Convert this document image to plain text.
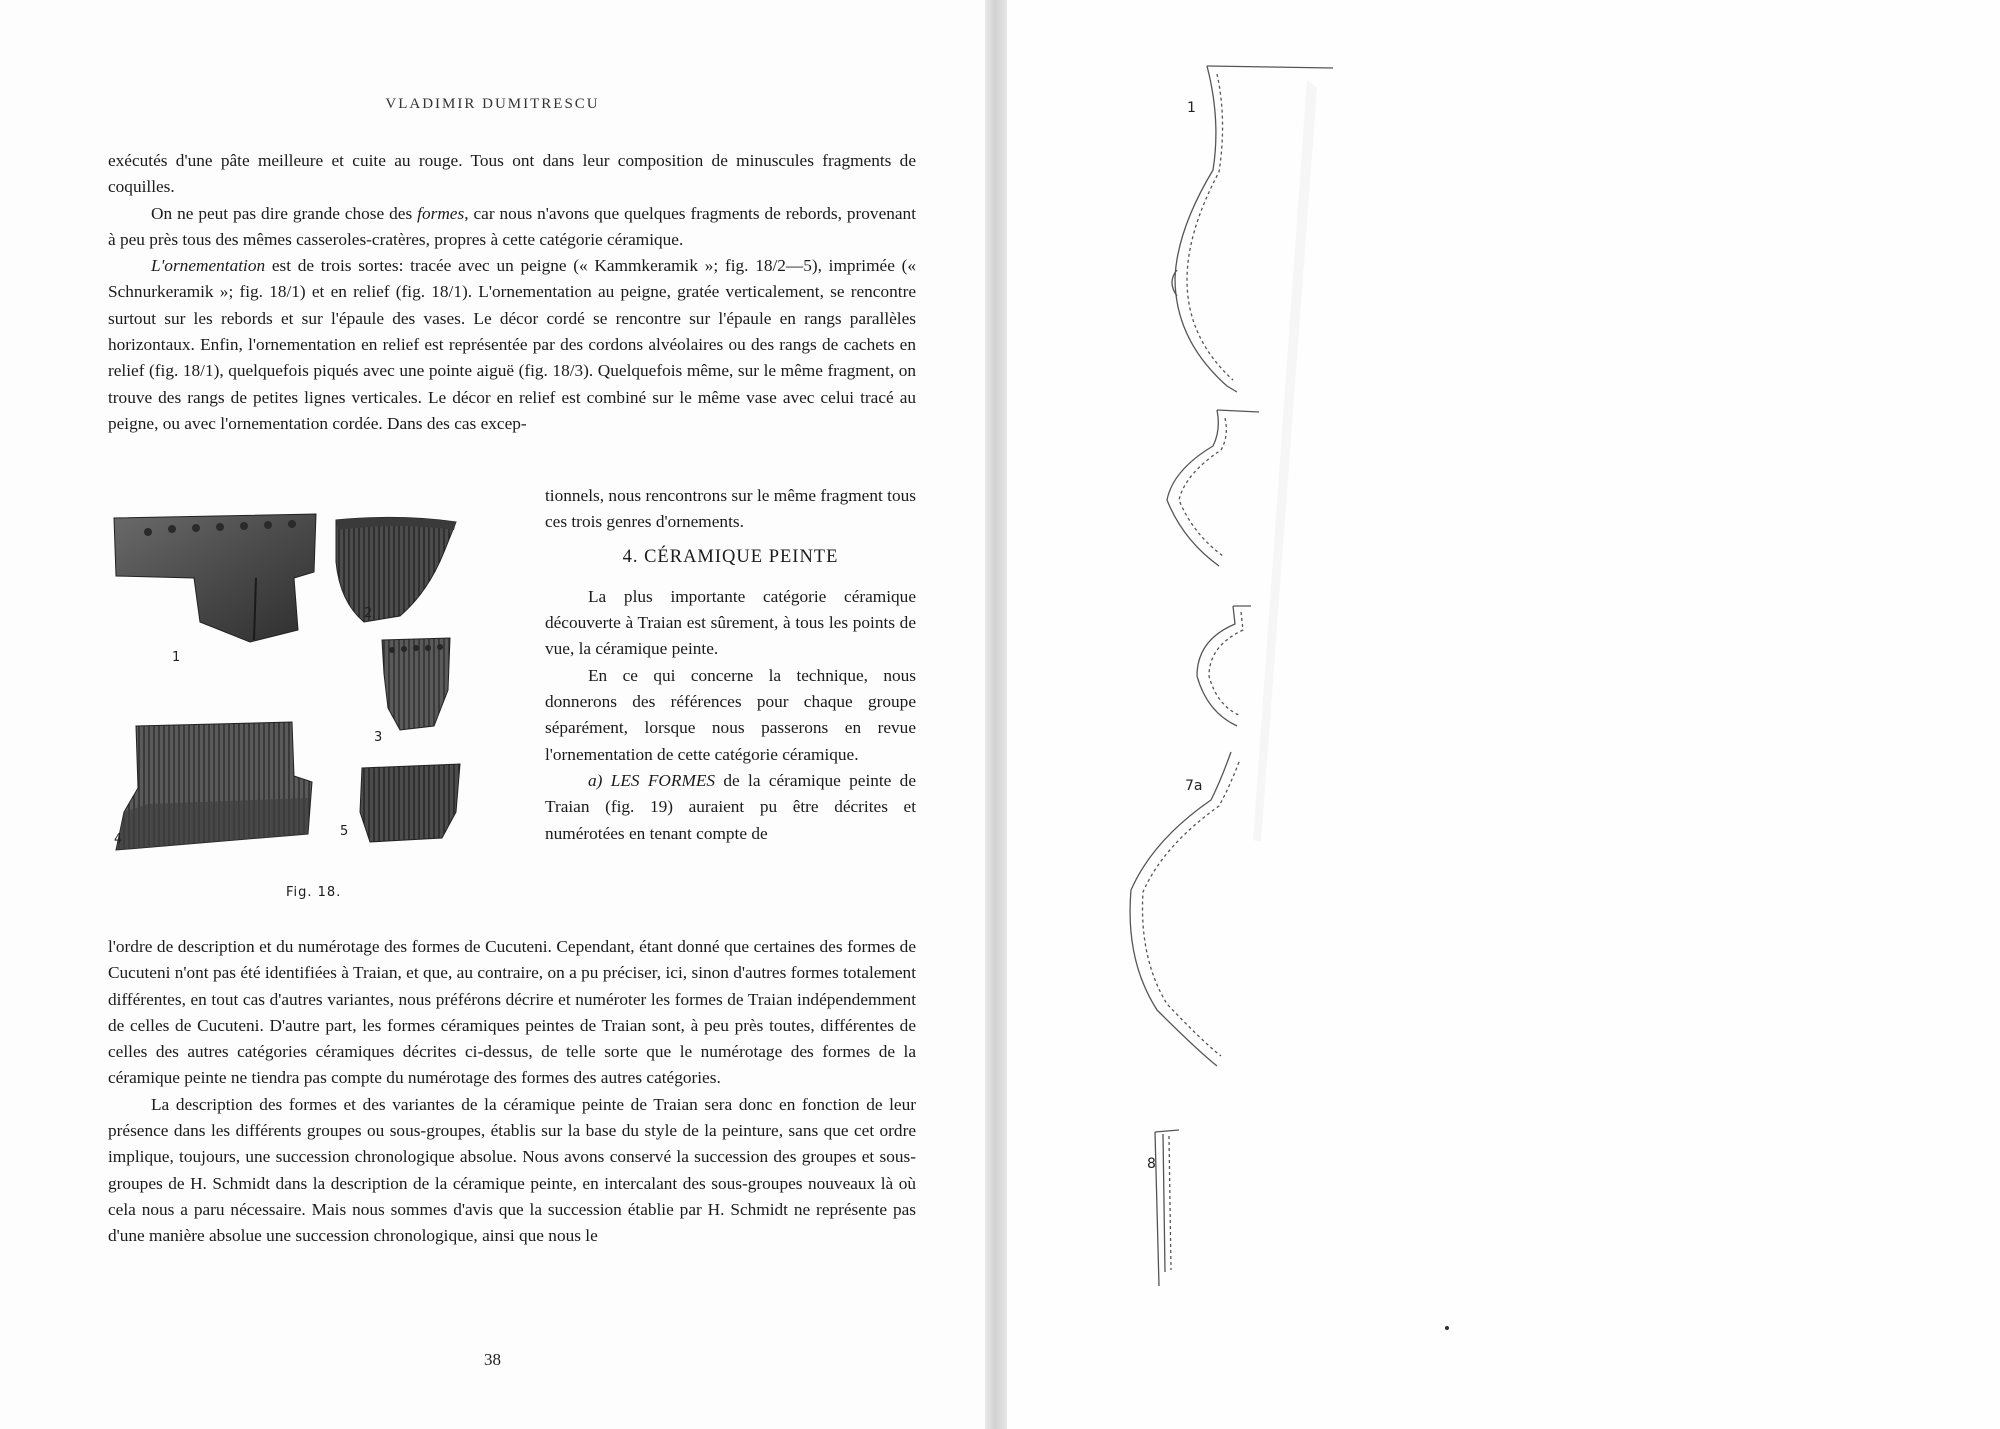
VLADIMIR DUMITRESCU

exécutés d'une pâte meilleure et cuite au rouge. Tous ont dans leur composition de minuscules fragments de coquilles.

On ne peut pas dire grande chose des formes, car nous n'avons que quelques fragments de rebords, provenant à peu près tous des mêmes casseroles-cratères, propres à cette catégorie céramique.

L'ornementation est de trois sortes: tracée avec un peigne (« Kammkeramik »; fig. 18/2—5), imprimée (« Schnurkeramik »; fig. 18/1) et en relief (fig. 18/1). L'ornementation au peigne, gratée verticalement, se rencontre surtout sur les rebords et sur l'épaule des vases. Le décor cordé se rencontre sur l'épaule en rangs parallèles horizontaux. Enfin, l'ornementation en relief est représentée par des cordons alvéolaires ou des rangs de cachets en relief (fig. 18/1), quelquefois piqués avec une pointe aiguë (fig. 18/3). Quelquefois même, sur le même fragment, on trouve des rangs de petites lignes verticales. Le décor en relief est combiné sur le même vase avec celui tracé au peigne, ou avec l'ornementation cordée. Dans des cas excep-

tionnels, nous rencontrons sur le même fragment tous ces trois genres d'ornements.

4. CÉRAMIQUE PEINTE

La plus importante catégorie céramique découverte à Traian est sûrement, à tous les points de vue, la céramique peinte.

En ce qui concerne la technique, nous donnerons des références pour chaque groupe séparément, lorsque nous passerons en revue l'ornementation de cette catégorie céramique.

a) LES FORMES de la céramique peinte de Traian (fig. 19) auraient pu être décrites et numérotées en tenant compte de

l'ordre de description et du numérotage des formes de Cucuteni. Cependant, étant donné que certaines des formes de Cucuteni n'ont pas été identifiées à Traian, et que, au contraire, on a pu préciser, ici, sinon d'autres formes totalement différentes, en tout cas d'autres variantes, nous préférons décrire et numéroter les formes de Traian indépendemment de celles de Cucuteni. D'autre part, les formes céramiques peintes de Traian sont, à peu près toutes, différentes de celles des autres catégories céramiques décrites ci-dessus, de telle sorte que le numérotage des formes de la céramique peinte ne tiendra pas compte du numérotage des formes des autres catégories.

La description des formes et des variantes de la céramique peinte de Traian sera donc en fonction de leur présence dans les différents groupes ou sous-groupes, établis sur la base du style de la peinture, sans que cet ordre implique, toujours, une succession chronologique absolue. Nous avons conservé la succession des groupes et sous-groupes de H. Schmidt dans la description de la céramique peinte, en intercalant des sous-groupes nouveaux là où cela nous a paru nécessaire. Mais nous sommes d'avis que la succession établie par H. Schmidt ne représente pas d'une manière absolue une succession chronologique, ainsi que nous le

1
2
3
4
5
Fig. 18.
38
1
7a
8
